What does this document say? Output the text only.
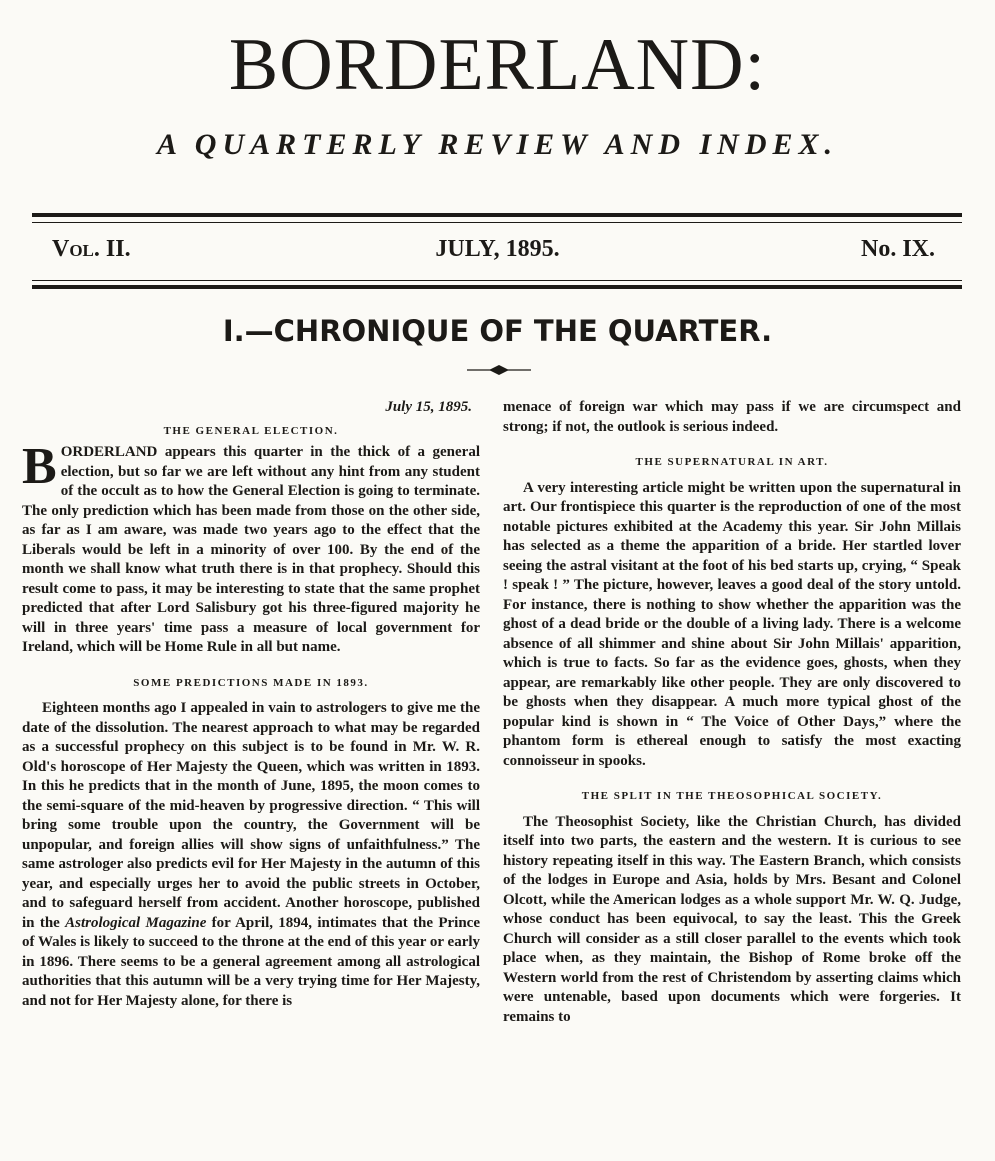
BORDERLAND:
A QUARTERLY REVIEW AND INDEX.
Vol. II.	JULY, 1895.	No. IX.
I.—CHRONIQUE OF THE QUARTER.
July 15, 1895.
THE GENERAL ELECTION.

BORDERLAND appears this quarter in the thick of a general election, but so far we are left without any hint from any student of the occult as to how the General Election is going to terminate. The only prediction which has been made from those on the other side, as far as I am aware, was made two years ago to the effect that the Liberals would be left in a minority of over 100. By the end of the month we shall know what truth there is in that prophecy. Should this result come to pass, it may be interesting to state that the same prophet predicted that after Lord Salisbury got his three-figured majority he will in three years' time pass a measure of local government for Ireland, which will be Home Rule in all but name.

SOME PREDICTIONS MADE IN 1893.

Eighteen months ago I appealed in vain to astrologers to give me the date of the dissolution. The nearest approach to what may be regarded as a successful prophecy on this subject is to be found in Mr. W. R. Old's horoscope of Her Majesty the Queen, which was written in 1893. In this he predicts that in the month of June, 1895, the moon comes to the semi-square of the mid-heaven by progressive direction. “ This will bring some trouble upon the country, the Government will be unpopular, and foreign allies will show signs of unfaithfulness.” The same astrologer also predicts evil for Her Majesty in the autumn of this year, and especially urges her to avoid the public streets in October, and to safeguard herself from accident. Another horoscope, published in the Astrological Magazine for April, 1894, intimates that the Prince of Wales is likely to succeed to the throne at the end of this year or early in 1896. There seems to be a general agreement among all astrological authorities that this autumn will be a very trying time for Her Majesty, and not for Her Majesty alone, for there is

menace of foreign war which may pass if we are circumspect and strong; if not, the outlook is serious indeed.

THE SUPERNATURAL IN ART.

A very interesting article might be written upon the supernatural in art. Our frontispiece this quarter is the reproduction of one of the most notable pictures exhibited at the Academy this year. Sir John Millais has selected as a theme the apparition of a bride. Her startled lover seeing the astral visitant at the foot of his bed starts up, crying, “ Speak ! speak ! ” The picture, however, leaves a good deal of the story untold. For instance, there is nothing to show whether the apparition was the ghost of a dead bride or the double of a living lady. There is a welcome absence of all shimmer and shine about Sir John Millais' apparition, which is true to facts. So far as the evidence goes, ghosts, when they appear, are remarkably like other people. They are only discovered to be ghosts when they disappear. A much more typical ghost of the popular kind is shown in “ The Voice of Other Days,” where the phantom form is ethereal enough to satisfy the most exacting connoisseur in spooks.

THE SPLIT IN THE THEOSOPHICAL SOCIETY.

The Theosophist Society, like the Christian Church, has divided itself into two parts, the eastern and the western. It is curious to see history repeating itself in this way. The Eastern Branch, which consists of the lodges in Europe and Asia, holds by Mrs. Besant and Colonel Olcott, while the American lodges as a whole support Mr. W. Q. Judge, whose conduct has been equivocal, to say the least. This the Greek Church will consider as a still closer parallel to the events which took place when, as they maintain, the Bishop of Rome broke off the Western world from the rest of Christendom by asserting claims which were untenable, based upon documents which were forgeries. It remains to
